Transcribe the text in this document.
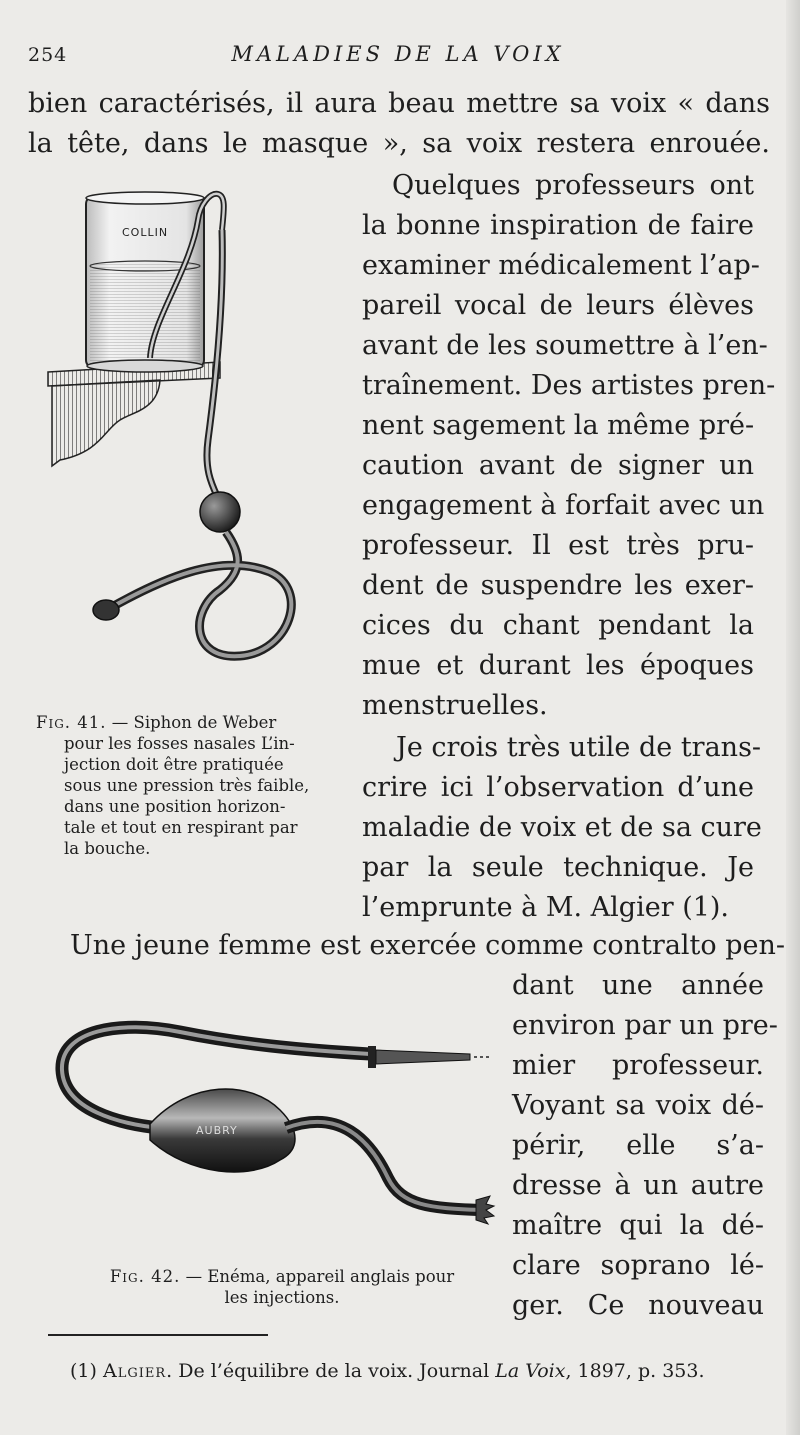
254	MALADIES DE LA VOIX
bien caractérisés, il aura beau mettre sa voix « dans
la tête, dans le masque », sa voix restera enrouée.
COLLIN
Fig. 41. — Siphon de Weber
pour les fosses nasales L’in-
jection doit être pratiquée
sous une pression très faible,
dans une position horizon-
tale et tout en respirant par
la bouche.
Quelques professeurs ont
la bonne inspiration de faire
examiner médicalement l’ap-
pareil vocal de leurs élèves
avant de les soumettre à l’en-
traînement. Des artistes pren-
nent sagement la même pré-
caution avant de signer un
engagement à forfait avec un
professeur. Il est très pru-
dent de suspendre les exer-
cices du chant pendant la
mue et durant les époques
menstruelles.
Je crois très utile de trans-
crire ici l’observation d’une
maladie de voix et de sa cure
par la seule technique. Je
l’emprunte à M. Algier (1).
Une jeune femme est exercée comme contralto pen-
dant une année
environ par un pre-
mier professeur.
Voyant sa voix dé-
périr, elle s’a-
dresse à un autre
maître qui la dé-
clare soprano lé-
ger. Ce nouveau
AUBRY
Fig. 42. — Enéma, appareil anglais pour
les injections.
(1) Algier. De l’équilibre de la voix. Journal La Voix, 1897, p. 353.
